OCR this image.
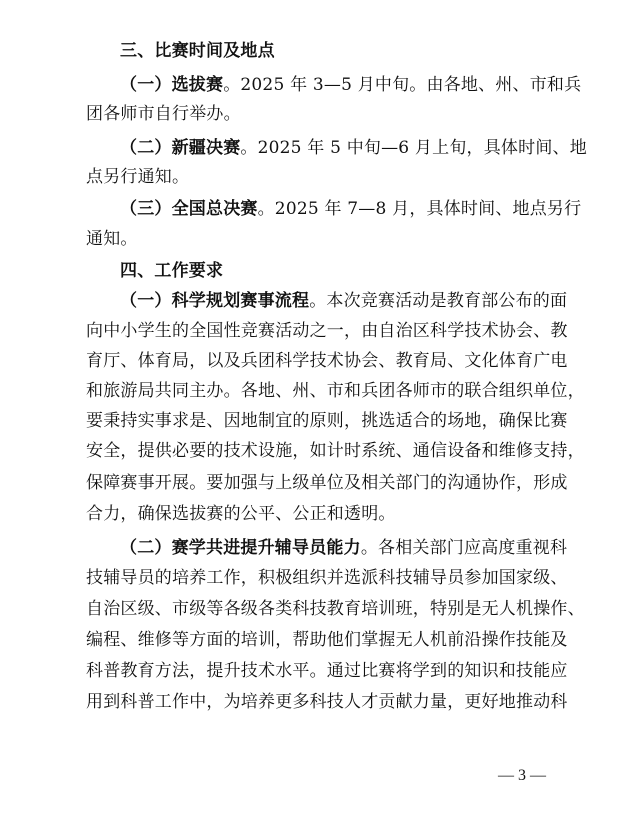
三、比赛时间及地点
（一）选拔赛。2025 年 3—5 月中旬。由各地、州、市和兵
团各师市自行举办。
（二）新疆决赛。2025 年 5 中旬—6 月上旬，具体时间、地
点另行通知。
（三）全国总决赛。2025 年 7—8 月，具体时间、地点另行
通知。
四、工作要求
（一）科学规划赛事流程。本次竞赛活动是教育部公布的面
向中小学生的全国性竞赛活动之一，由自治区科学技术协会、教
育厅、体育局，以及兵团科学技术协会、教育局、文化体育广电
和旅游局共同主办。各地、州、市和兵团各师市的联合组织单位，
要秉持实事求是、因地制宜的原则，挑选适合的场地，确保比赛
安全，提供必要的技术设施，如计时系统、通信设备和维修支持，
保障赛事开展。要加强与上级单位及相关部门的沟通协作，形成
合力，确保选拔赛的公平、公正和透明。
（二）赛学共进提升辅导员能力。各相关部门应高度重视科
技辅导员的培养工作，积极组织并选派科技辅导员参加国家级、
自治区级、市级等各级各类科技教育培训班，特别是无人机操作、
编程、维修等方面的培训，帮助他们掌握无人机前沿操作技能及
科普教育方法，提升技术水平。通过比赛将学到的知识和技能应
用到科普工作中，为培养更多科技人才贡献力量，更好地推动科
— 3 —
